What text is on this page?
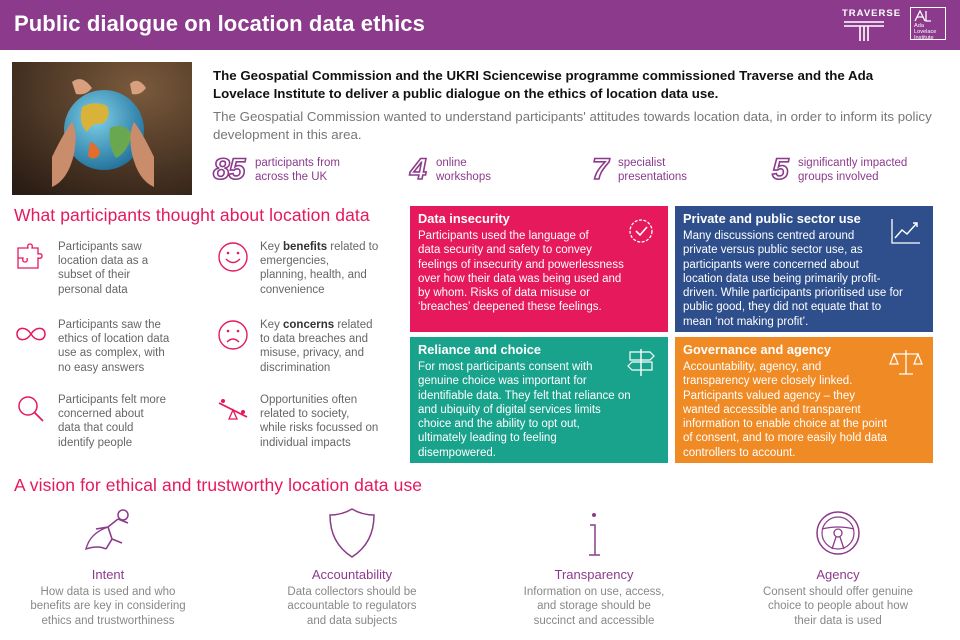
Public dialogue on location data ethics	TRAVERSE
Ada
Lovelace
Institute
The Geospatial Commission and the UKRI Sciencewise programme commissioned Traverse and the Ada Lovelace Institute to deliver a public dialogue on the ethics of location data use.
The Geospatial Commission wanted to understand participants' attitudes towards location data, in order to inform its policy development in this area.
85 participants from
across the UK	4 online
workshops	7 specialist
presentations	5 significantly impacted
groups involved
What participants thought about location data
Participants saw
location data as a
subset of their
personal data
Participants saw the
ethics of location data
use as complex, with
no easy answers
Participants felt more
concerned about
data that could
identify people
Key benefits related to
emergencies,
planning, health, and
convenience
Key concerns related
to data breaches and
misuse, privacy, and
discrimination
Opportunities often
related to society,
while risks focussed on
individual impacts
Data insecurity
Participants used the language of
data security and safety to convey
feelings of insecurity and powerlessness
over how their data was being used and
by whom. Risks of data misuse or
‘breaches’ deepened these feelings.
Private and public sector use
Many discussions centred around
private versus public sector use, as
participants were concerned about
location data use being primarily profit-
driven. While participants prioritised use for
public good, they did not equate that to
mean ‘not making profit’.
Reliance and choice
For most participants consent with
genuine choice was important for
identifiable data. They felt that reliance on
and ubiquity of digital services limits
choice and the ability to opt out,
ultimately leading to feeling
disempowered.
Governance and agency
Accountability, agency, and
transparency were closely linked.
Participants valued agency – they
wanted accessible and transparent
information to enable choice at the point
of consent, and to more easily hold data
controllers to account.
A vision for ethical and trustworthy location data use
Intent
How data is used and who
benefits are key in considering
ethics and trustworthiness
Accountability
Data collectors should be
accountable to regulators
and data subjects
Transparency
Information on use, access,
and storage should be
succinct and accessible
Agency
Consent should offer genuine
choice to people about how
their data is used
